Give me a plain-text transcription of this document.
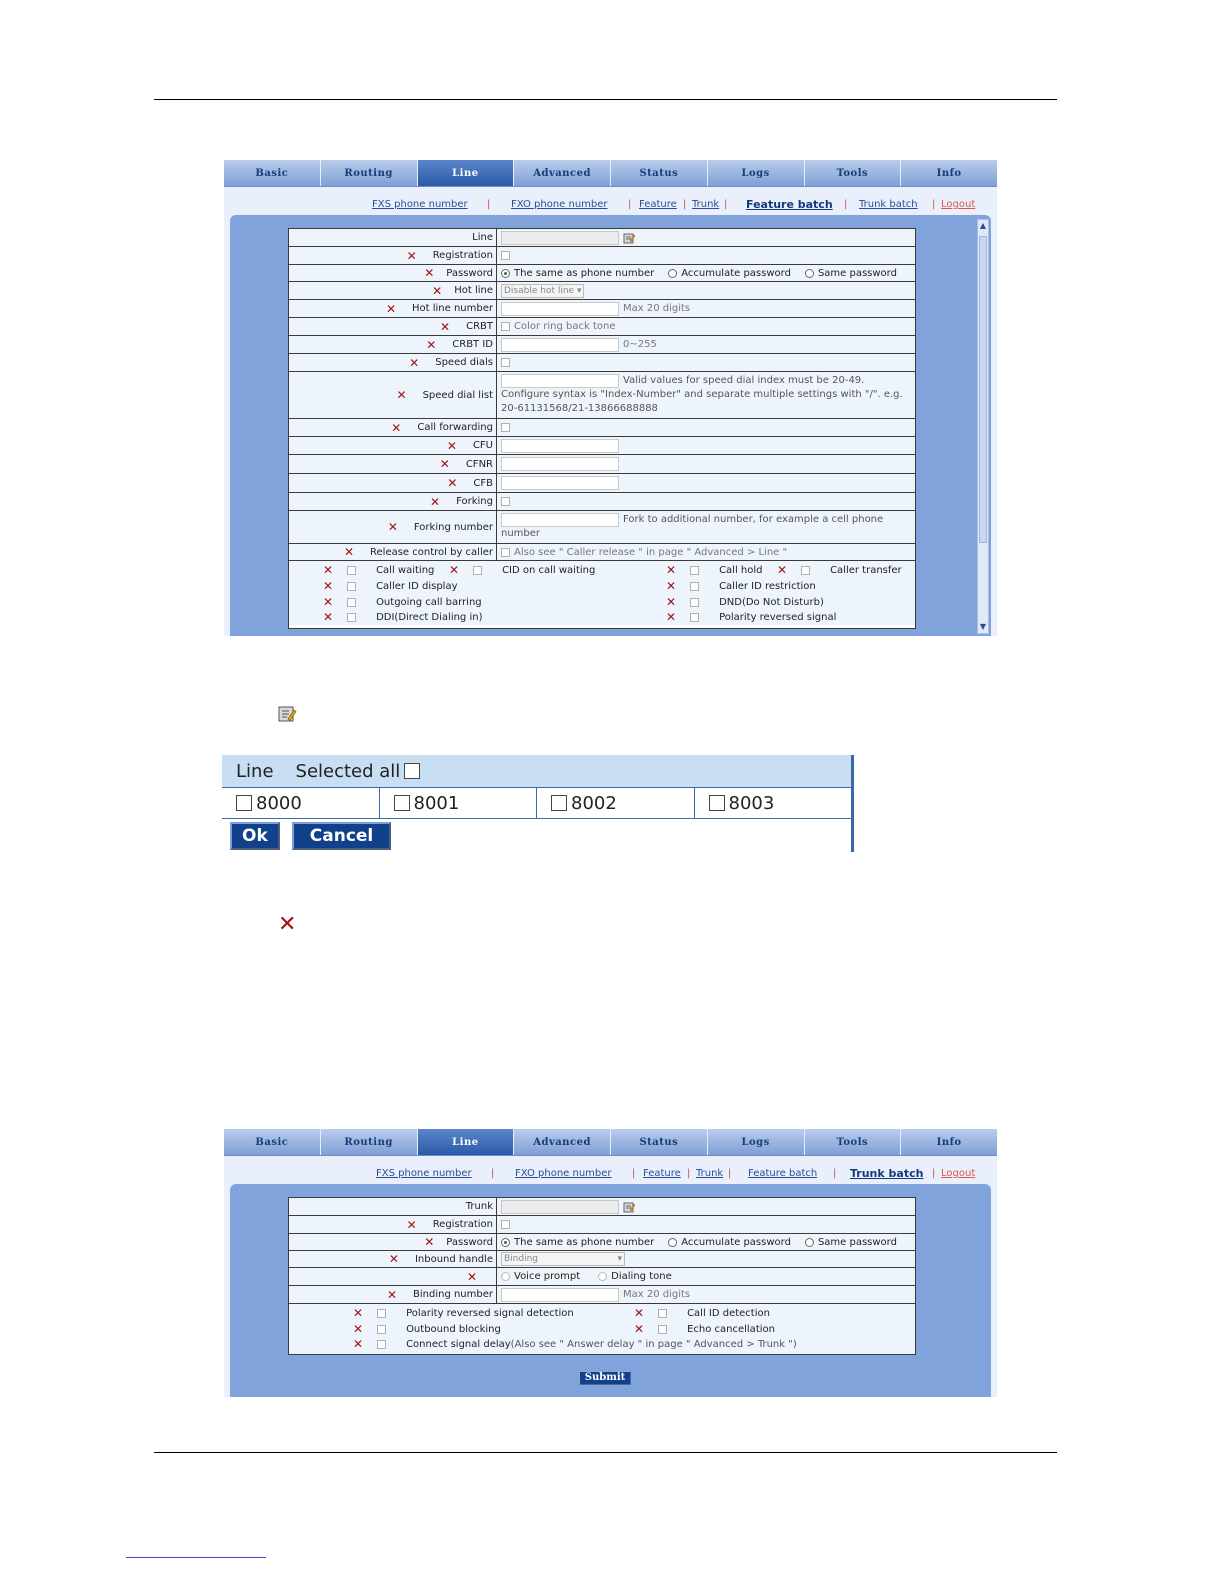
Basic	Routing	Line	Advanced	Status	Logs	Tools	Info
FXS phone number | FXO phone number | Feature | Trunk | Feature batch | Trunk batch | Logout
▲
▼
Line
✕ Registration
✕ Password The same as phone number	Accumulate password	Same password
✕ Hot line	Disable hot line ▾
✕ Hot line number	Max 20 digits
✕ CRBT Color ring back tone
✕ CRBT ID	0~255
✕ Speed dials
✕ Speed dial list
Valid values for speed dial index must be 20-49. Configure syntax is "Index-Number" and separate multiple settings with "/". e.g. 20-61131568/21-13866688888
✕ Call forwarding
✕ CFU
✕ CFNR
✕ CFB
✕ Forking
✕ Forking number
Fork to additional number, for example a cell phone number
✕ Release control by caller Also see " Caller release " in page " Advanced > Line "
✕	Call waiting ✕	CID on call waiting	✕	Call hold ✕	Caller transfer
✕	Caller ID display	✕	Caller ID restriction
✕	Outgoing call barring	✕	DND(Do Not Disturb)
✕	DDI(Direct Dialing in)	✕	Polarity reversed signal
Line Selected all
8000	8001	8002	8003
Ok	Cancel
✕
Basic	Routing	Line	Advanced	Status	Logs	Tools	Info
FXS phone number | FXO phone number | Feature | Trunk | Feature batch | Trunk batch | Logout
Trunk
✕ Registration
✕ Password The same as phone number	Accumulate password	Same password
✕ Inbound handle Binding	▾
✕	Voice prompt	Dialing tone
✕ Binding number	Max 20 digits
✕	Polarity reversed signal detection	✕	Call ID detection
✕	Outbound blocking	✕	Echo cancellation
✕	Connect signal delay (Also see " Answer delay " in page " Advanced > Trunk ")
Submit
